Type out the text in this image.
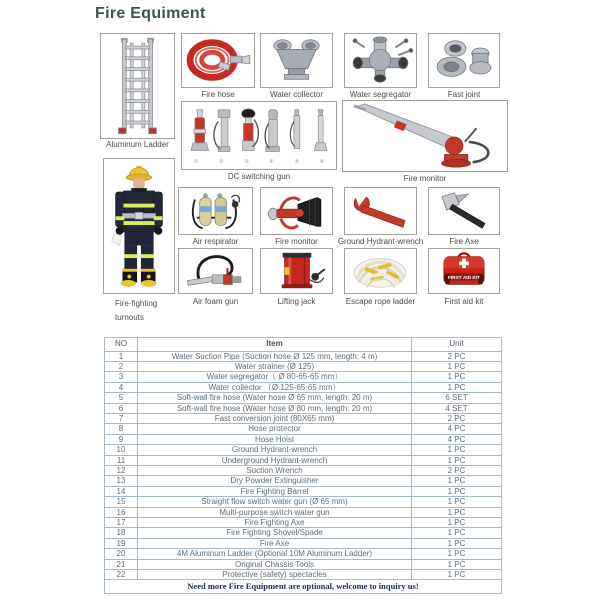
Fire Equiment
Aluminum Ladder
Fire hose	Water collector	Water segregator	Fast joint
① ② ③ ④ ⑤ ⑥
DC switching gun	Fire monitor
Fire-fighting
turnouts
Air respirator	Fire monitor	Ground Hydrant-wrench	Fire Axe
Air foam gun	Lifting jack	Escape rope ladder
FIRST AID KIT
First aid kit
NO	Item	Unit
1	Water Suction Pipe (Suction hose Ø 125 mm, length: 4 m)	2 PC
2	Water strainer (Ø 125)	1 PC
3	Water segregator（ Ø 80-65-65 mm）	1 PC
4	Water collector （Ø 125-65-65 mm）	1 PC
5	Soft-wall fire hose (Water hose Ø 65 mm, length: 20 m)	6 SET
6	Soft-wall fire hose (Water hose Ø 80 mm, length: 20 m)	4 SET
7	Fast conversion joint (80X65 mm)	2 PC
8	Hose protector	4 PC
9	Hose Hoist	4 PC
10	Ground Hydrant-wrench	1 PC
11	Underground Hydrant-wrench	1 PC
12	Suction Wrench	2 PC
13	Dry Powder Extinguisher	1 PC
14	Fire Fighting Barrel	1 PC
15	Straight flow switch water gun (Ø 65 mm)	1 PC
16	Multi-purpose switch water gun	1 PC
17	Fire Fighting Axe	1 PC
18	Fire Fighting Shovel/Spade	1 PC
19	Fire Axe	1 PC
20	4M Aluminum Ladder (Optional 10M Aluminum Ladder)	1 PC
21	Original Chassis Tools	1 PC
22	Protective (safety) spectacles	1 PC
Need more Fire Equipment are optional, welcome to inquiry us!		
